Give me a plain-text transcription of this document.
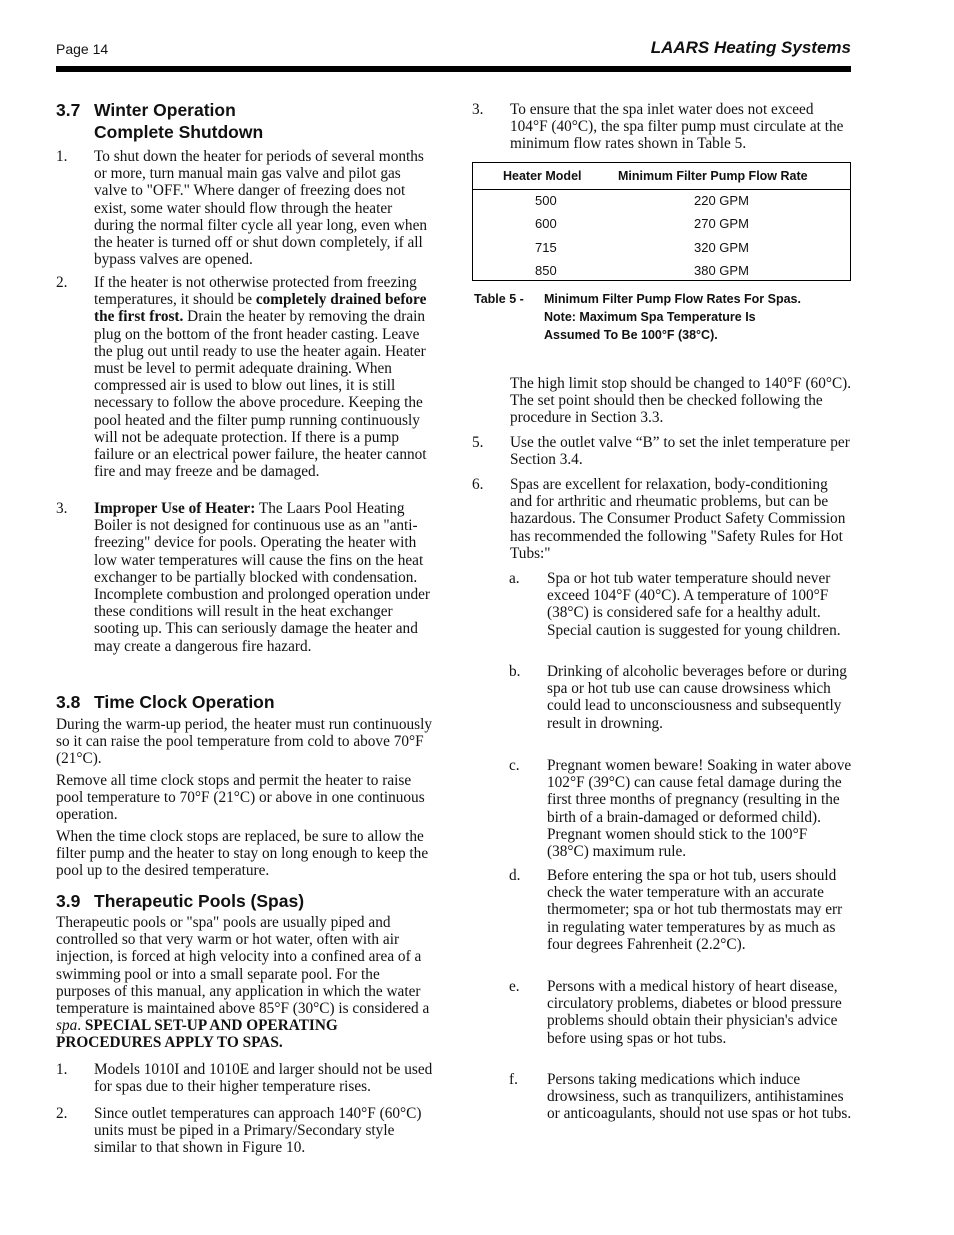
Page 14	LAARS Heating Systems
3.7 Winter Operation
Complete Shutdown
1. To shut down the heater for periods of several months or more, turn manual main gas valve and pilot gas valve to "OFF." Where danger of freezing does not exist, some water should flow through the heater during the normal filter cycle all year long, even when the heater is turned off or shut down completely, if all bypass valves are opened.
2. If the heater is not otherwise protected from freezing temperatures, it should be completely drained before the first frost. Drain the heater by removing the drain plug on the bottom of the front header casting. Leave the plug out until ready to use the heater again. Heater must be level to permit adequate draining. When compressed air is used to blow out lines, it is still necessary to follow the above procedure. Keeping the pool heated and the filter pump running continuously will not be adequate protection. If there is a pump failure or an electrical power failure, the heater cannot fire and may freeze and be damaged.
3. Improper Use of Heater: The Laars Pool Heating Boiler is not designed for continuous use as an "anti-freezing" device for pools. Operating the heater with low water temperatures will cause the fins on the heat exchanger to be partially blocked with condensation. Incomplete combustion and prolonged operation under these conditions will result in the heat exchanger sooting up. This can seriously damage the heater and may create a dangerous fire hazard.
3.8 Time Clock Operation
During the warm-up period, the heater must run continuously so it can raise the pool temperature from cold to above 70°F (21°C).
Remove all time clock stops and permit the heater to raise pool temperature to 70°F (21°C) or above in one continuous operation.
When the time clock stops are replaced, be sure to allow the filter pump and the heater to stay on long enough to keep the pool up to the desired temperature.
3.9 Therapeutic Pools (Spas)
Therapeutic pools or "spa" pools are usually piped and controlled so that very warm or hot water, often with air injection, is forced at high velocity into a confined area of a swimming pool or into a small separate pool. For the purposes of this manual, any application in which the water temperature is maintained above 85°F (30°C) is considered a spa. SPECIAL SET-UP AND OPERATING PROCEDURES APPLY TO SPAS.
1. Models 1010I and 1010E and larger should not be used for spas due to their higher temperature rises.
2. Since outlet temperatures can approach 140°F (60°C) units must be piped in a Primary/Secondary style similar to that shown in Figure 10.
3. To ensure that the spa inlet water does not exceed 104°F (40°C), the spa filter pump must circulate at the minimum flow rates shown in Table 5.
Heater Model	Minimum Filter Pump Flow Rate
500	220 GPM
600	270 GPM
715	320 GPM
850	380 GPM
Table 5 - Minimum Filter Pump Flow Rates For Spas.
Note: Maximum Spa Temperature Is
Assumed To Be 100°F (38°C).
The high limit stop should be changed to 140°F (60°C). The set point should then be checked following the procedure in Section 3.3.
5. Use the outlet valve “B” to set the inlet temperature per Section 3.4.
6. Spas are excellent for relaxation, body-conditioning and for arthritic and rheumatic problems, but can be hazardous. The Consumer Product Safety Commission has recommended the following "Safety Rules for Hot Tubs:"
a. Spa or hot tub water temperature should never exceed 104°F (40°C). A temperature of 100°F (38°C) is considered safe for a healthy adult. Special caution is suggested for young children.
b. Drinking of alcoholic beverages before or during spa or hot tub use can cause drowsiness which could lead to unconsciousness and subsequently result in drowning.
c. Pregnant women beware! Soaking in water above 102°F (39°C) can cause fetal damage during the first three months of pregnancy (resulting in the birth of a brain-damaged or deformed child). Pregnant women should stick to the 100°F (38°C) maximum rule.
d. Before entering the spa or hot tub, users should check the water temperature with an accurate thermometer; spa or hot tub thermostats may err in regulating water temperatures by as much as four degrees Fahrenheit (2.2°C).
e. Persons with a medical history of heart disease, circulatory problems, diabetes or blood pressure problems should obtain their physician's advice before using spas or hot tubs.
f. Persons taking medications which induce drowsiness, such as tranquilizers, antihistamines or anticoagulants, should not use spas or hot tubs.
